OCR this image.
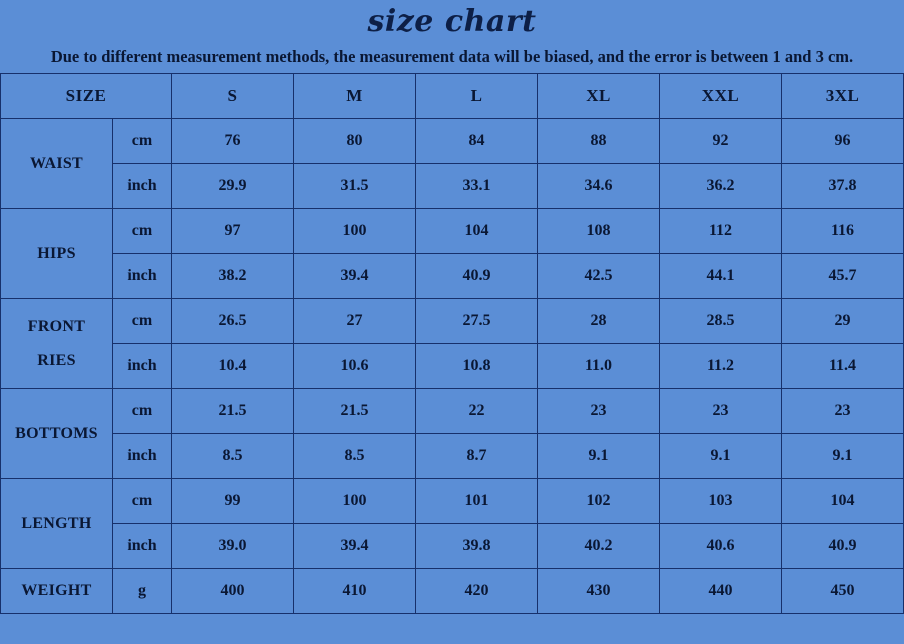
size chart

Due to different measurement methods, the measurement data will be biased, and the error is between 1 and 3 cm.

SIZE		S	M	L	XL	XXL	3XL
WAIST	cm	76	80	84	88	92	96
	inch	29.9	31.5	33.1	34.6	36.2	37.8
HIPS	cm	97	100	104	108	112	116
	inch	38.2	39.4	40.9	42.5	44.1	45.7

FRONT
RIES	cm	26.5	27	27.5	28	28.5	29
	inch	10.4	10.6	10.8	11.0	11.2	11.4
BOTTOMS	cm	21.5	21.5	22	23	23	23
	inch	8.5	8.5	8.7	9.1	9.1	9.1
LENGTH	cm	99	100	101	102	103	104
	inch	39.0	39.4	39.8	40.2	40.6	40.9
WEIGHT	g	400	410	420	430	440	450
